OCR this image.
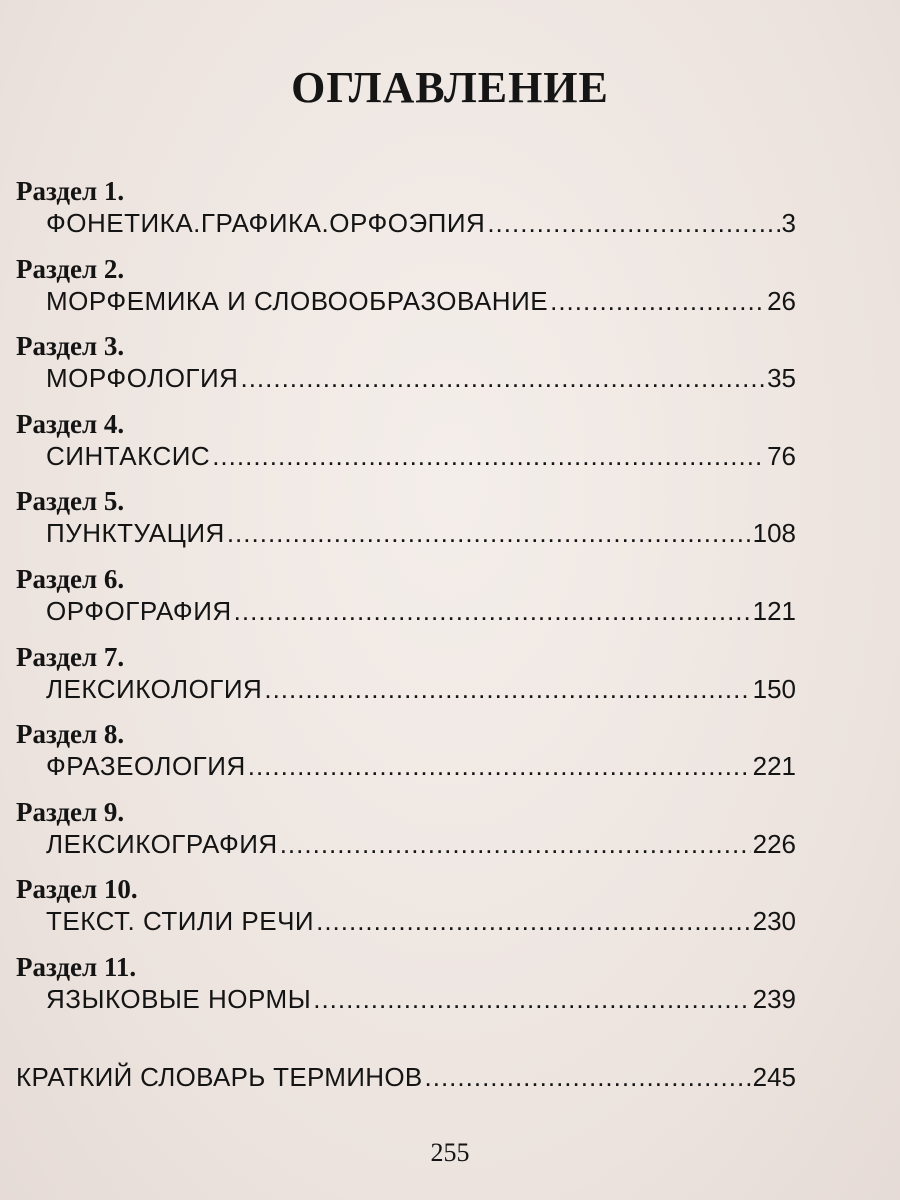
ОГЛАВЛЕНИЕ
Раздел 1.
ФОНЕТИКА.ГРАФИКА.ОРФОЭПИЯ .....	3
Раздел 2.
МОРФЕМИКА И СЛОВООБРАЗОВАНИЕ .....	26
Раздел 3.
МОРФОЛОГИЯ .....	35
Раздел 4.
СИНТАКСИС .....	76
Раздел 5.
ПУНКТУАЦИЯ .....	108
Раздел 6.
ОРФОГРАФИЯ .....	121
Раздел 7.
ЛЕКСИКОЛОГИЯ .....	150
Раздел 8.
ФРАЗЕОЛОГИЯ .....	221
Раздел 9.
ЛЕКСИКОГРАФИЯ .....	226
Раздел 10.
ТЕКСТ. СТИЛИ РЕЧИ .....	230
Раздел 11.
ЯЗЫКОВЫЕ НОРМЫ .....	239
КРАТКИЙ СЛОВАРЬ ТЕРМИНОВ .....	245
255
